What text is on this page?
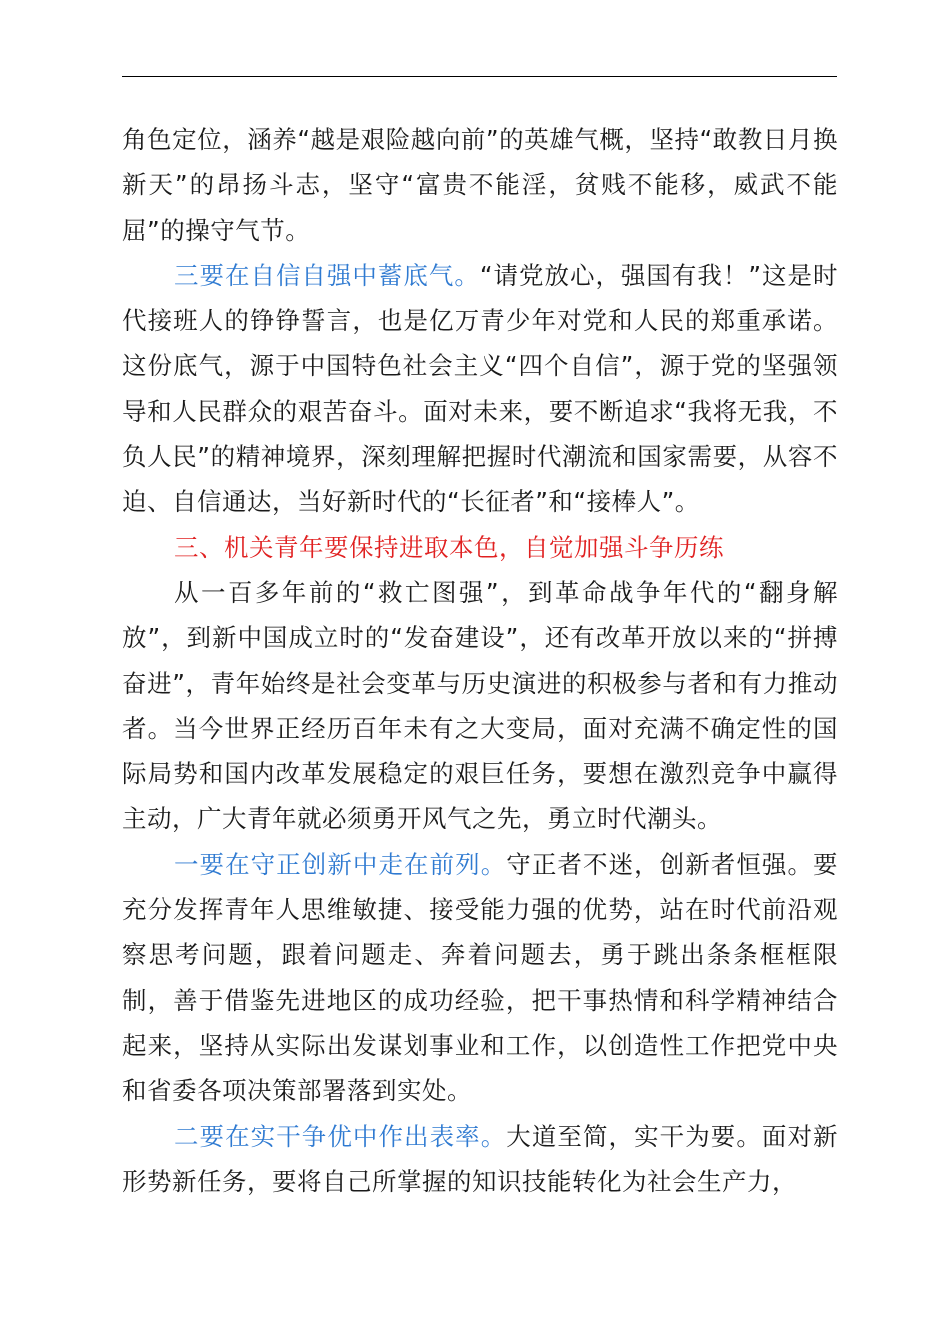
角色定位，涵养“越是艰险越向前”的英雄气概，坚持“敢教日月换新天”的昂扬斗志，坚守“富贵不能淫，贫贱不能移，威武不能屈”的操守气节。

三要在自信自强中蓄底气。“请党放心，强国有我！”这是时代接班人的铮铮誓言，也是亿万青少年对党和人民的郑重承诺。这份底气，源于中国特色社会主义“四个自信”，源于党的坚强领导和人民群众的艰苦奋斗。面对未来，要不断追求“我将无我，不负人民”的精神境界，深刻理解把握时代潮流和国家需要，从容不迫、自信通达，当好新时代的“长征者”和“接棒人”。

三、机关青年要保持进取本色，自觉加强斗争历练

从一百多年前的“救亡图强”，到革命战争年代的“翻身解放”，到新中国成立时的“发奋建设”，还有改革开放以来的“拼搏奋进”，青年始终是社会变革与历史演进的积极参与者和有力推动者。当今世界正经历百年未有之大变局，面对充满不确定性的国际局势和国内改革发展稳定的艰巨任务，要想在激烈竞争中赢得主动，广大青年就必须勇开风气之先，勇立时代潮头。

一要在守正创新中走在前列。守正者不迷，创新者恒强。要充分发挥青年人思维敏捷、接受能力强的优势，站在时代前沿观察思考问题，跟着问题走、奔着问题去，勇于跳出条条框框限制，善于借鉴先进地区的成功经验，把干事热情和科学精神结合起来，坚持从实际出发谋划事业和工作，以创造性工作把党中央和省委各项决策部署落到实处。

二要在实干争优中作出表率。大道至简，实干为要。面对新形势新任务，要将自己所掌握的知识技能转化为社会生产力，
